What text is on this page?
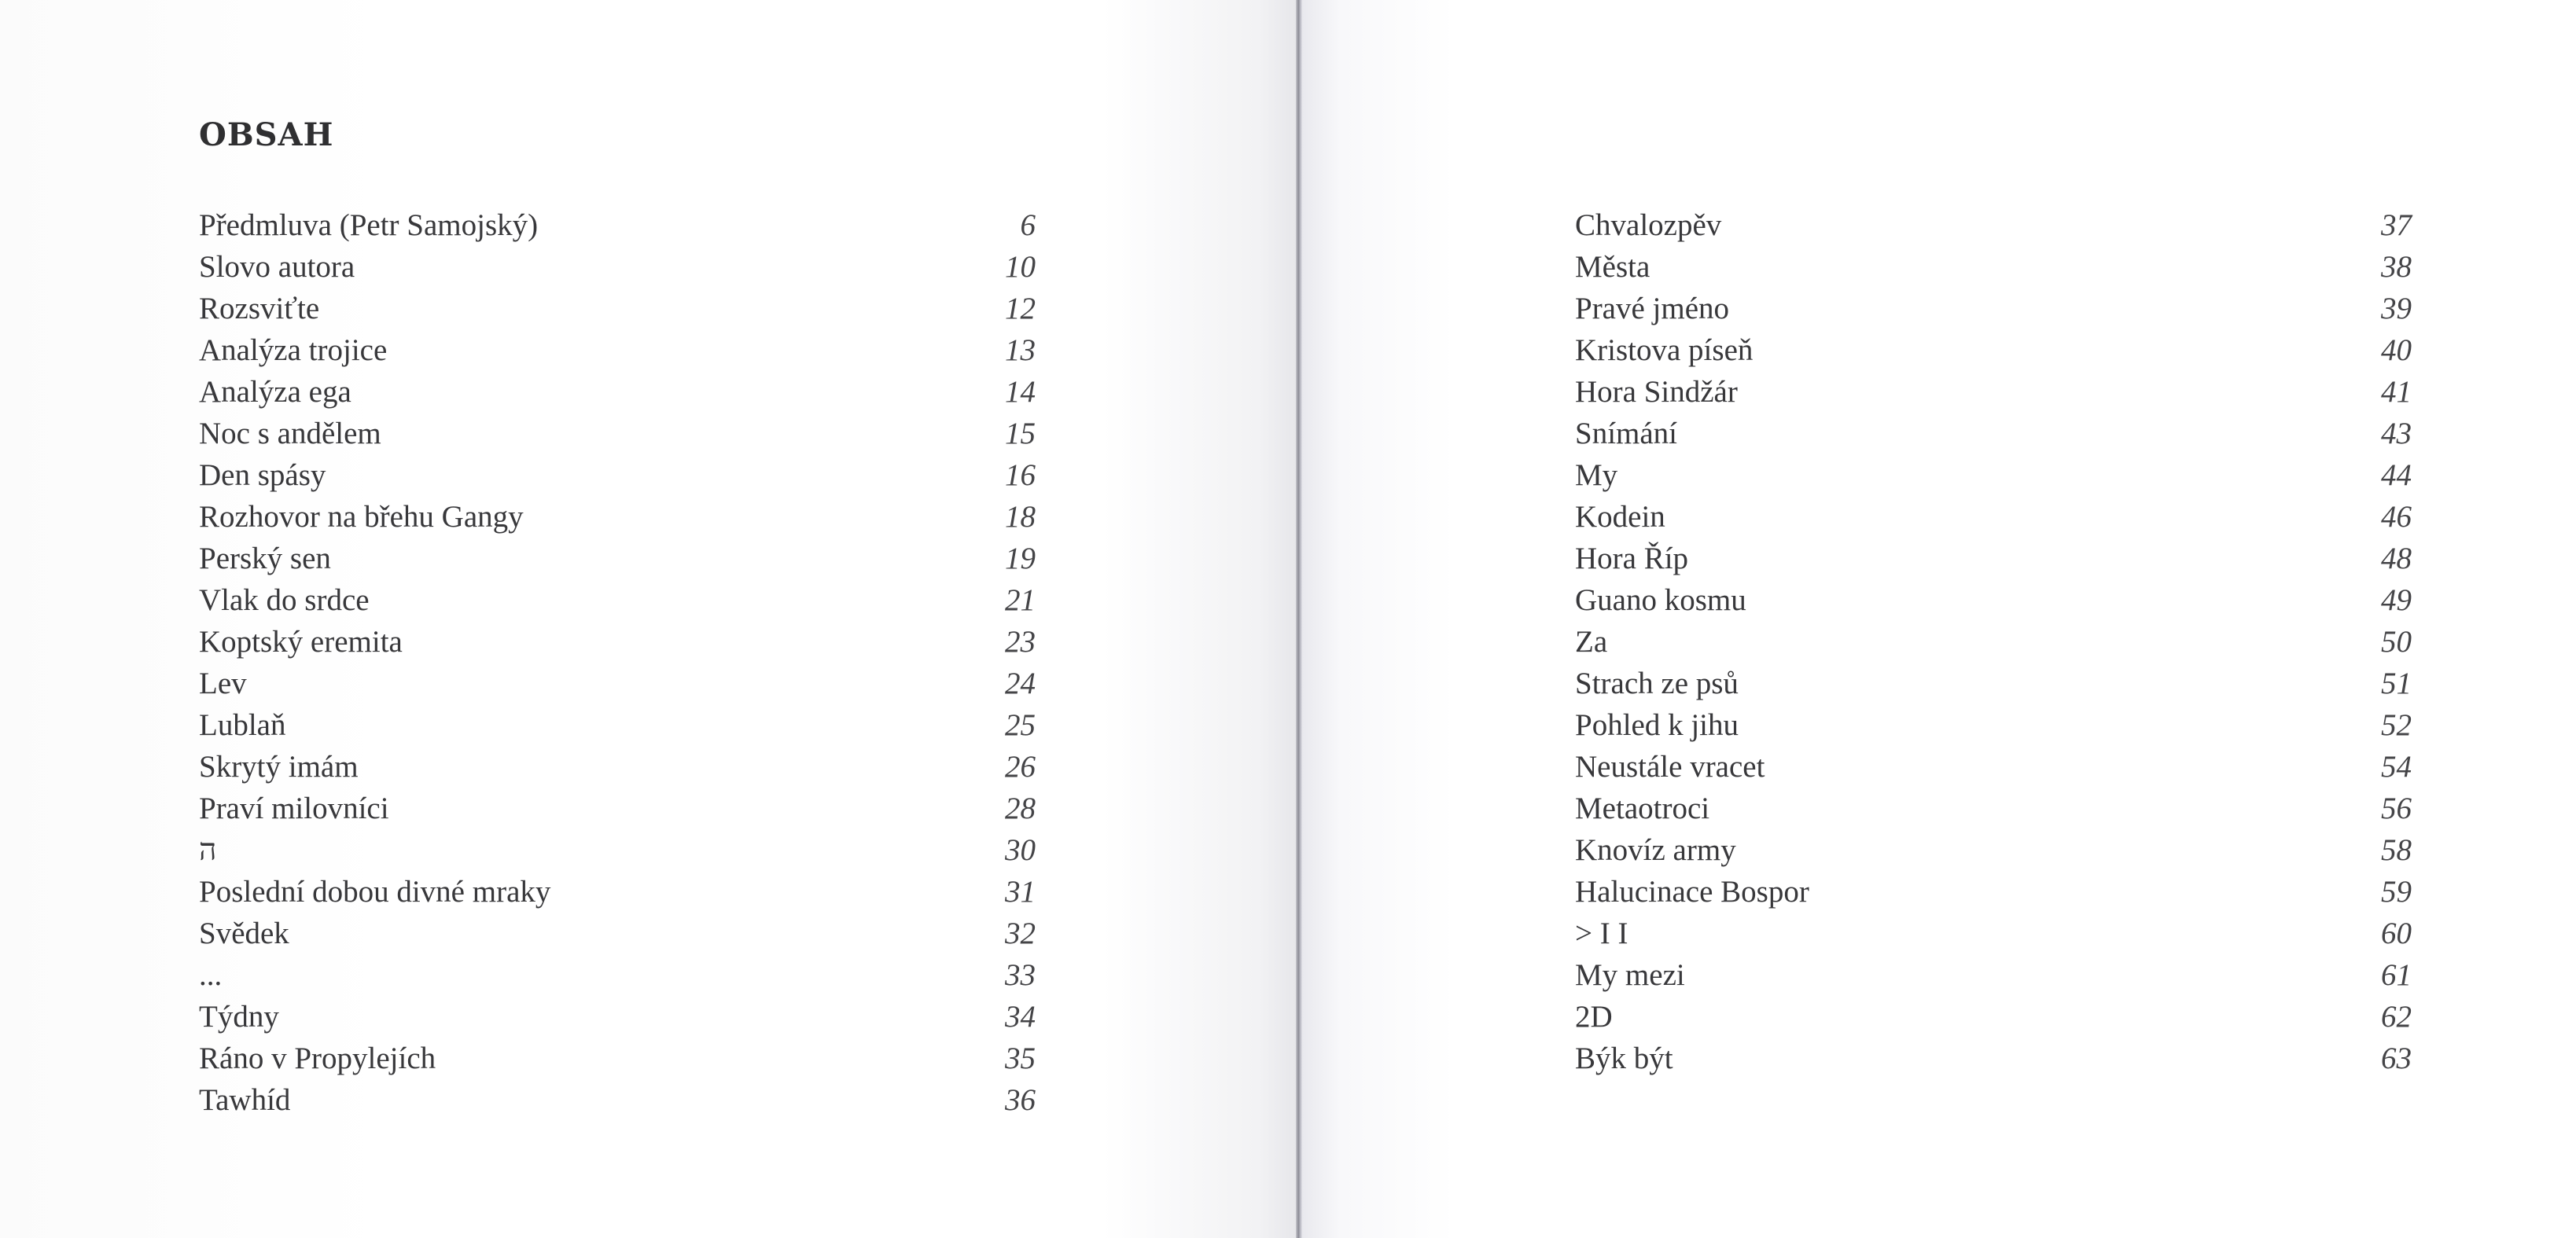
OBSAH
Předmluva (Petr Samojský)	6
Slovo autora	10
Rozsviťte	12
Analýza trojice	13
Analýza ega	14
Noc s andělem	15
Den spásy	16
Rozhovor na břehu Gangy	18
Perský sen	19
Vlak do srdce	21
Koptský eremita	23
Lev	24
Lublaň	25
Skrytý imám	26
Praví milovníci	28
ה	30
Poslední dobou divné mraky	31
Svědek	32
...	33
Týdny	34
Ráno v Propylejích	35
Tawhíd	36
Chvalozpěv	37
Města	38
Pravé jméno	39
Kristova píseň	40
Hora Sindžár	41
Snímání	43
My	44
Kodein	46
Hora Říp	48
Guano kosmu	49
Za	50
Strach ze psů	51
Pohled k jihu	52
Neustále vracet	54
Metaotroci	56
Knovíz army	58
Halucinace Bospor	59
> I I	60
My mezi	61
2D	62
Býk být	63
